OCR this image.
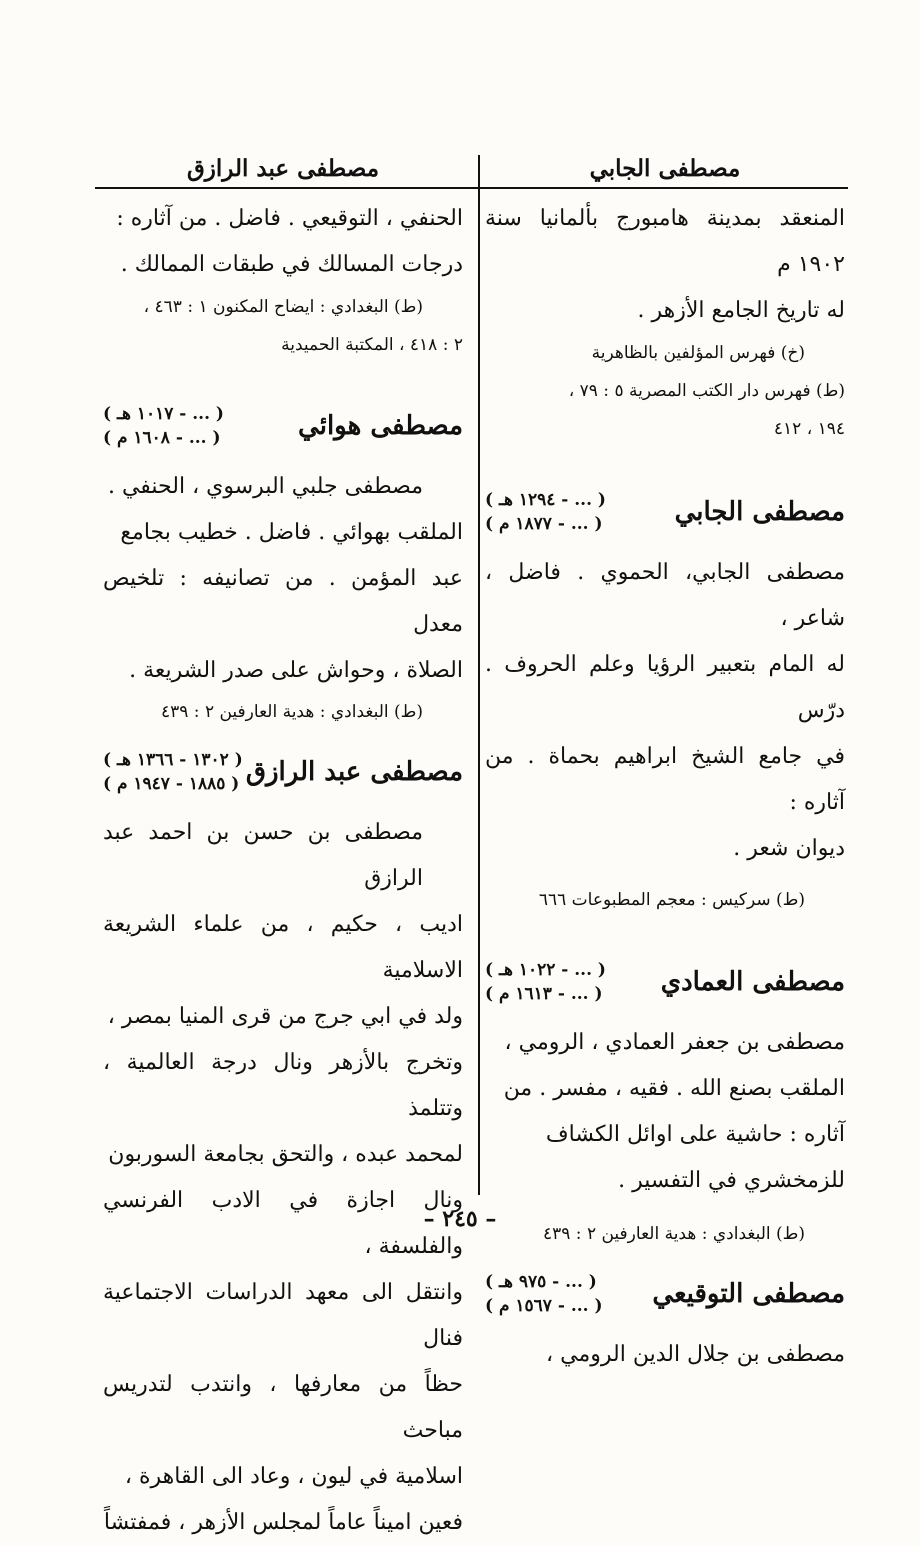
مصطفى الجابي

المنعقد بمدينة هامبورج بألمانيا سنة ١٩٠٢ م

له تاريخ الجامع الأزهر .

(خ) فهرس المؤلفين بالظاهرية

(ط) فهرس دار الكتب المصرية ٥ : ٧٩ ،

١٩٤ ، ٤١٢

مصطفى الجابي
( ... - ١٢٩٤ هـ )
( ... - ١٨٧٧ م )

مصطفى الجابي، الحموي . فاضل ، شاعر ،

له المام بتعبير الرؤيا وعلم الحروف . درّس

في جامع الشيخ ابراهيم بحماة . من آثاره :

ديوان شعر .

(ط) سركيس : معجم المطبوعات ٦٦٦

مصطفى العمادي
( ... - ١٠٢٢ هـ )
( ... - ١٦١٣ م )

مصطفى بن جعفر العمادي ، الرومي ،

الملقب بصنع الله . فقيه ، مفسر . من

آثاره : حاشية على اوائل الكشاف

للزمخشري في التفسير .

(ط) البغدادي : هدية العارفين ٢ : ٤٣٩

مصطفى التوقيعي
( ... - ٩٧٥ هـ )
( ... - ١٥٦٧ م )

مصطفى بن جلال الدين الرومي ،

مصطفى عبد الرازق

الحنفي ، التوقيعي . فاضل . من آثاره :

درجات المسالك في طبقات الممالك .

(ط) البغدادي : ايضاح المكنون ١ : ٤٦٣ ،

٢ : ٤١٨ ، المكتبة الحميدية

مصطفى هوائي
( ... - ١٠١٧ هـ )
( ... - ١٦٠٨ م )

مصطفى جلبي البرسوي ، الحنفي .

الملقب بهوائي . فاضل . خطيب بجامع

عبد المؤمن . من تصانيفه : تلخيص معدل

الصلاة ، وحواش على صدر الشريعة .

(ط) البغدادي : هدية العارفين ٢ : ٤٣٩

مصطفى عبد الرازق
( ١٣٠٢ - ١٣٦٦ هـ )
( ١٨٨٥ - ١٩٤٧ م )

مصطفى بن حسن بن احمد عبد الرازق

اديب ، حكيم ، من علماء الشريعة الاسلامية

ولد في ابي جرج من قرى المنيا بمصر ،

وتخرج بالأزهر ونال درجة العالمية ، وتتلمذ

لمحمد عبده ، والتحق بجامعة السوربون

ونال اجازة في الادب الفرنسي والفلسفة ،

وانتقل الى معهد الدراسات الاجتماعية فنال

حظاً من معارفها ، وانتدب لتدريس مباحث

اسلامية في ليون ، وعاد الى القاهرة ،

فعين اميناً عاماً لمجلس الأزهر ، فمفتشاً

– ٢٤٥ –
